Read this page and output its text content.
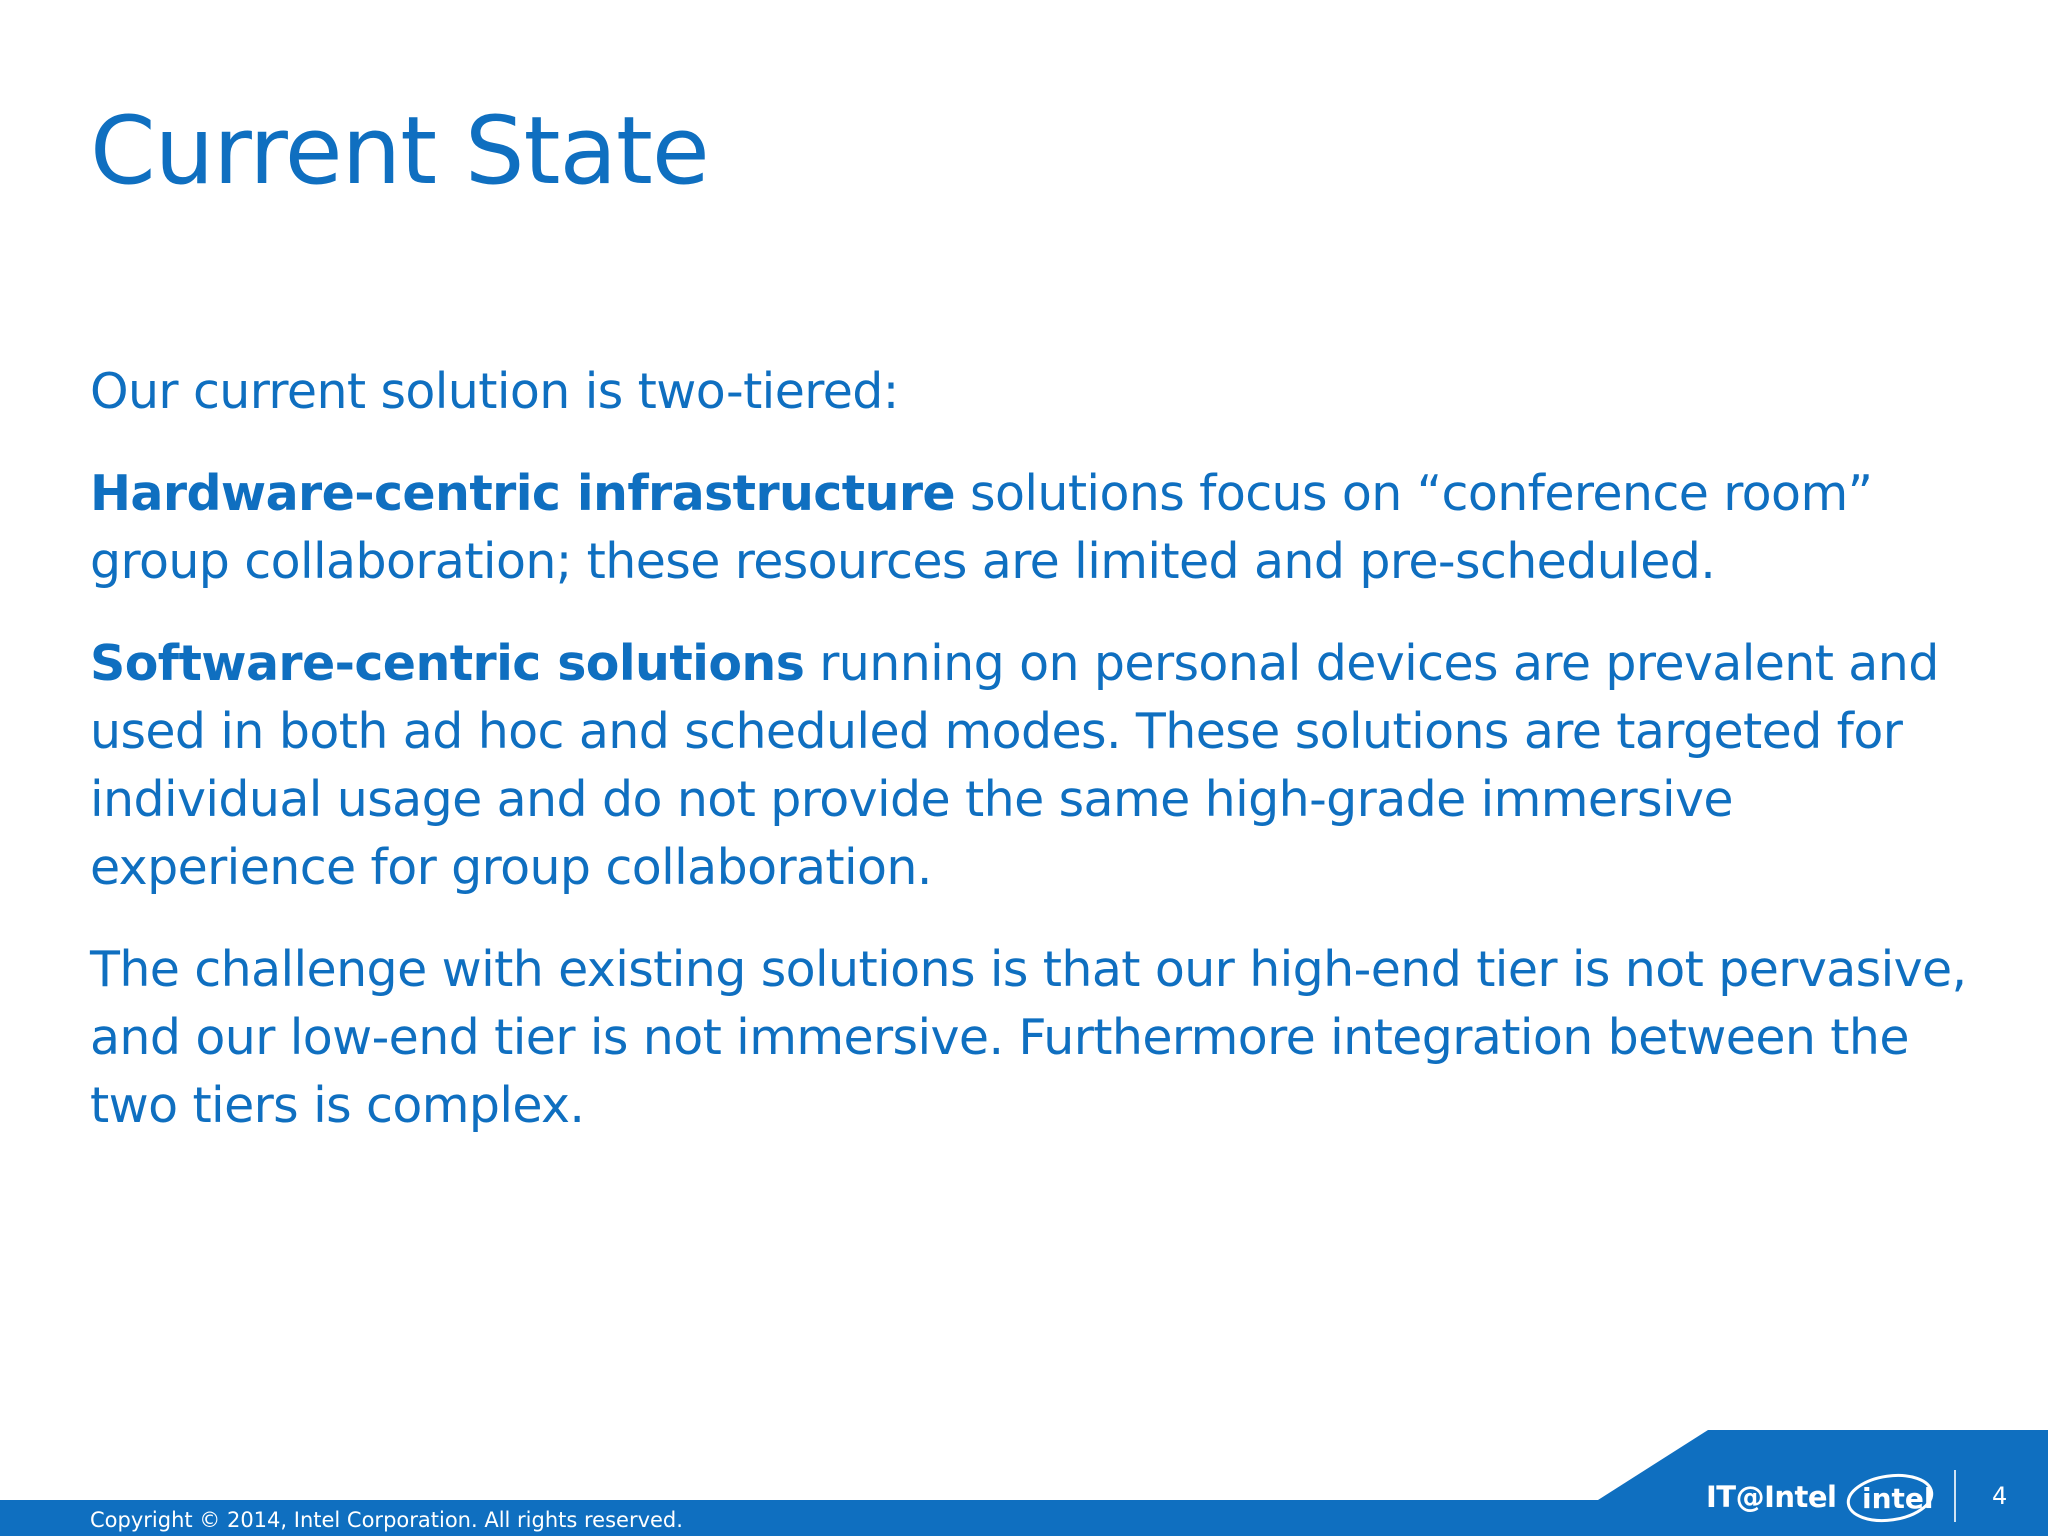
Current State

Our current solution is two-tiered:

Hardware-centric infrastructure solutions focus on “conference room” group collaboration; these resources are limited and pre-scheduled.

Software-centric solutions running on personal devices are prevalent and used in both ad hoc and scheduled modes. These solutions are targeted for individual usage and do not provide the same high-grade immersive experience for group collaboration.

The challenge with existing solutions is that our high-end tier is not pervasive, and our low-end tier is not immersive. Furthermore integration between the two tiers is complex.

Copyright © 2014, Intel Corporation. All rights reserved.
IT@Intel intel 4
